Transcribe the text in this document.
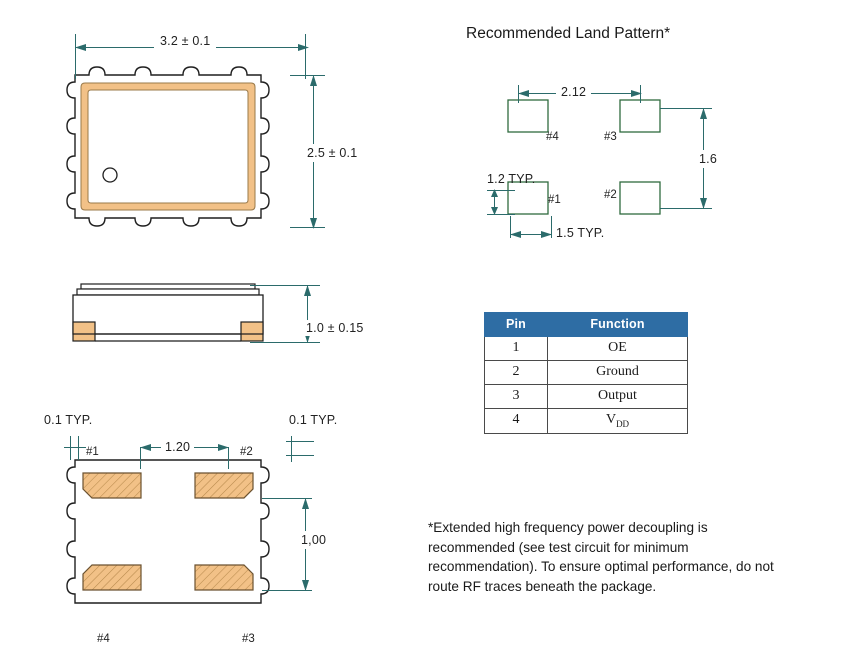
3.2 ± 0.1
2.5 ± 0.1
1.0 ± 0.15
0.1 TYP.	0.1 TYP.
1.20
#1	#2
#3
#4
1,00
Recommended Land Pattern*
#4	#3
#1	#2
2.12
1.6
1.2 TYP.
1.5 TYP.
Pin	Function
1	OE
2	Ground
3	Output
4	$V_{DD}$
*Extended high frequency power decoupling is recommended (see test circuit for minimum recommendation). To ensure optimal performance, do not route RF traces beneath the package.
